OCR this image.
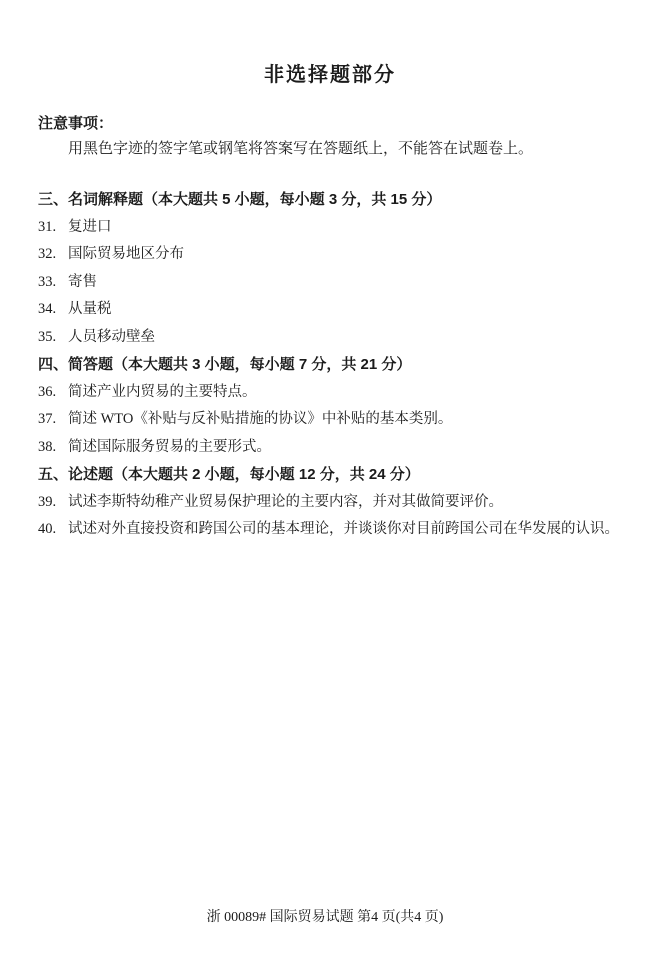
非选择题部分
注意事项：
用黑色字迹的签字笔或钢笔将答案写在答题纸上，不能答在试题卷上。
三、名词解释题（本大题共 5 小题，每小题 3 分，共 15 分）
31. 复进口
32. 国际贸易地区分布
33. 寄售
34. 从量税
35. 人员移动壁垒
四、简答题（本大题共 3 小题，每小题 7 分，共 21 分）
36. 简述产业内贸易的主要特点。
37. 简述 WTO《补贴与反补贴措施的协议》中补贴的基本类别。
38. 简述国际服务贸易的主要形式。
五、论述题（本大题共 2 小题，每小题 12 分，共 24 分）
39. 试述李斯特幼稚产业贸易保护理论的主要内容，并对其做简要评价。
40. 试述对外直接投资和跨国公司的基本理论，并谈谈你对目前跨国公司在华发展的认识。
浙 00089# 国际贸易试题 第4 页(共4 页)
